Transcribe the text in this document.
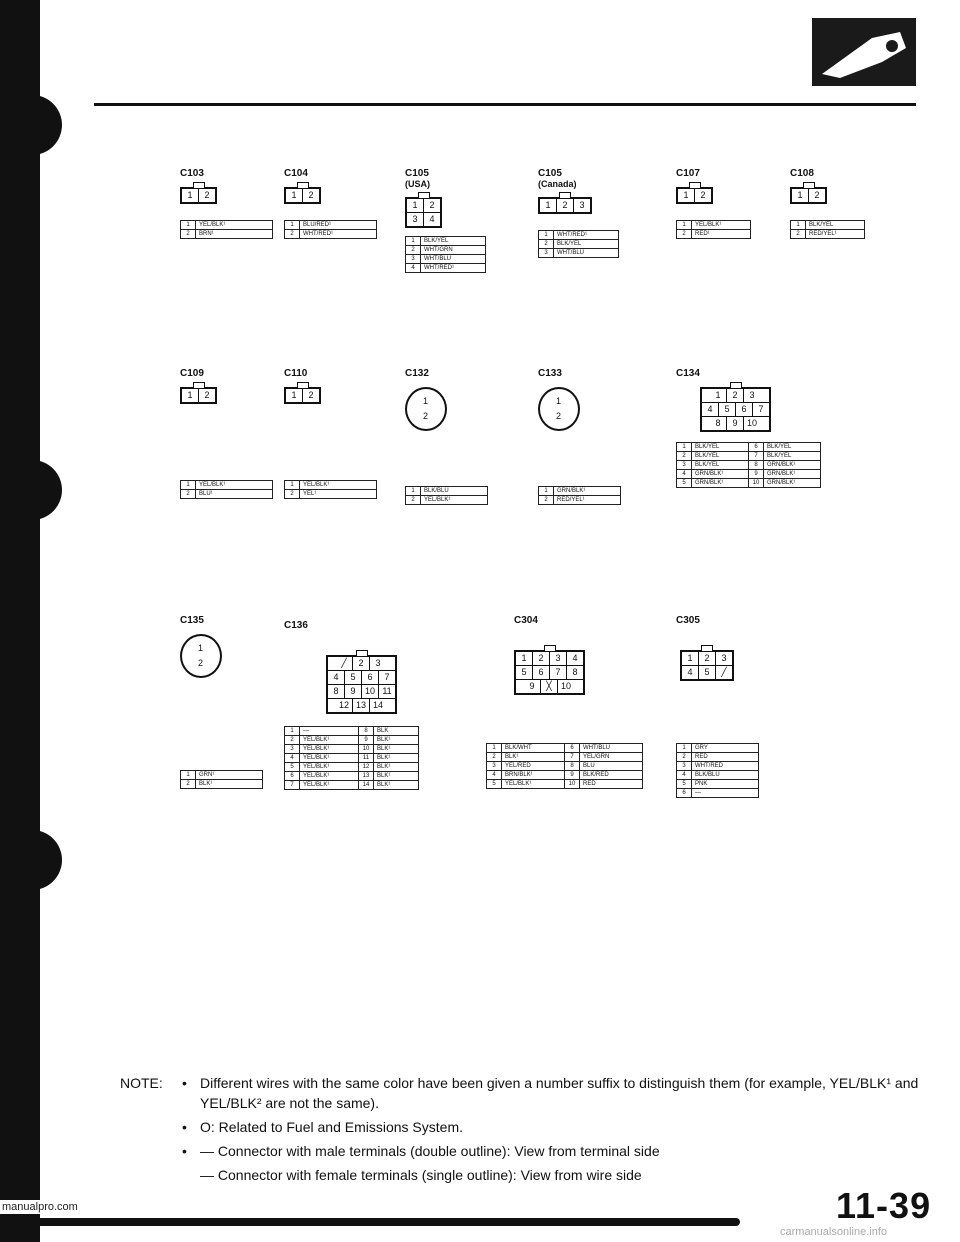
C103
1	2
1	YEL/BLK¹
2	BRN¹
C104
1	2
1	BLU/RED¹
2	WHT/RED¹
C105
(USA)
1	2
3	4
1	BLK/YEL
2	WHT/GRN
3	WHT/BLU
4	WHT/RED¹
C105
(Canada)
1	2	3
1	WHT/RED¹
2	BLK/YEL
3	WHT/BLU
C107
1	2
1	YEL/BLK¹
2	RED¹
C108
1	2
1	BLK/YEL
2	RED/YEL¹
C109
1	2
1	YEL/BLK¹
2	BLU¹
C110
1	2
1	YEL/BLK¹
2	YEL¹
C132
1
2
1	BLK/BLU
2	YEL/BLK¹
C133
1
2
1	GRN/BLK¹
2	RED/YEL¹
C134
1	2	3
4	5	6	7
8	9	10
1	BLK/YEL	6	BLK/YEL
2	BLK/YEL	7	BLK/YEL
3	BLK/YEL	8	GRN/BLK¹
4	GRN/BLK¹	9	GRN/BLK¹
5	GRN/BLK¹	10	GRN/BLK¹
C135
1
2
1	GRN¹
2	BLK¹
C136
╱	2	3
4	5	6	7
8	9	10 11
12 13 14
1	—	8	BLK
2	YEL/BLK¹	9	BLK¹
3	YEL/BLK¹	10	BLK¹
4	YEL/BLK¹	11	BLK¹
5	YEL/BLK¹	12	BLK¹
6	YEL/BLK¹	13	BLK¹
7	YEL/BLK¹	14	BLK¹
C304
1	2	3	4
5	6	7	8
9	╳	10
1	BLK/WHT	6	WHT/BLU
2	BLK¹	7	YEL/GRN
3	YEL/RED	8	BLU
4	BRN/BLK¹	9	BLK/RED
5	YEL/BLK¹	10	RED
C305
1	2	3
4	5	╱
1	GRY
2	RED
3	WHT/RED
4	BLK/BLU
5	PNK
6	—
NOTE: • Different wires with the same color have been given a number suffix to distinguish them (for example, YEL/BLK¹ and YEL/BLK² are not the same).
• O: Related to Fuel and Emissions System.
• — Connector with male terminals (double outline): View from terminal side
— Connector with female terminals (single outline): View from wire side
11-39
manualpro.com
carmanualsonline.info
